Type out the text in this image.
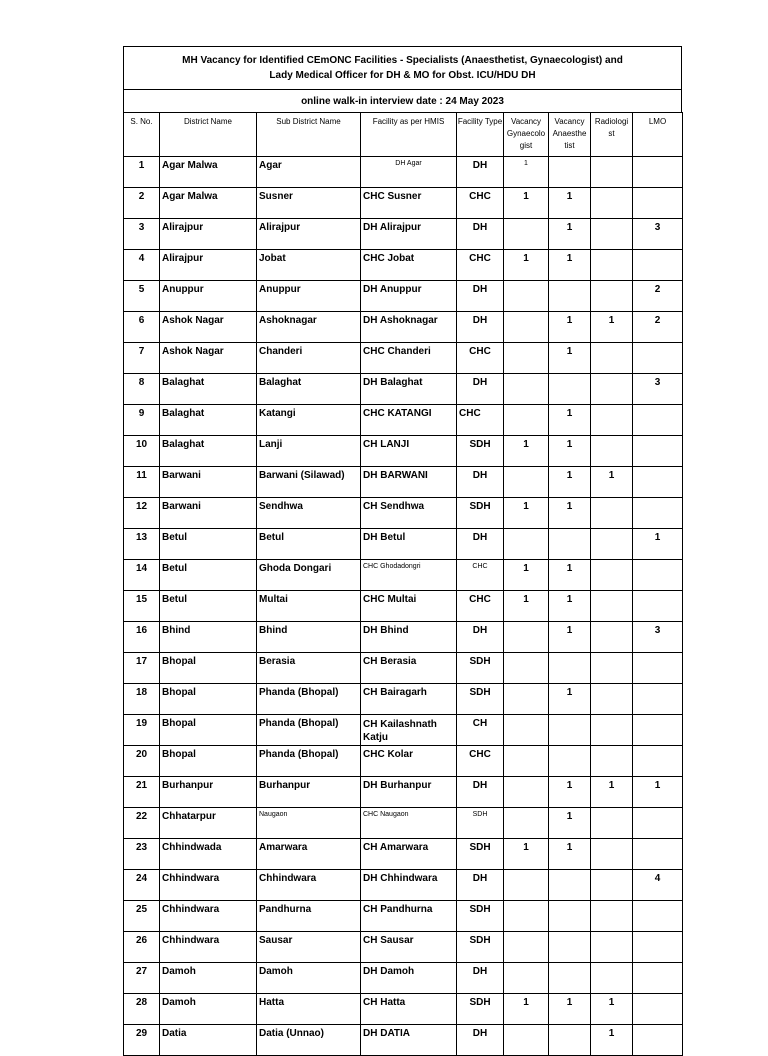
MH Vacancy for Identified CEmONC Facilities - Specialists (Anaesthetist, Gynaecologist) and
Lady Medical Officer for DH & MO for Obst. ICU/HDU DH
online walk-in interview date : 24 May 2023
S. No.	District Name	Sub District Name	Facility as per HMIS	Facility Type	Vacancy Gynaecolo gist	Vacancy Anaesthe tist	Radiologi st	LMO
1	Agar Malwa	Agar	DH Agar	DH	1			
2	Agar Malwa	Susner	CHC Susner	CHC	1	1		
3	Alirajpur	Alirajpur	DH Alirajpur	DH		1		3
4	Alirajpur	Jobat	CHC Jobat	CHC	1	1		
5	Anuppur	Anuppur	DH Anuppur	DH				2
6	Ashok Nagar	Ashoknagar	DH Ashoknagar	DH		1	1	2
7	Ashok Nagar	Chanderi	CHC Chanderi	CHC		1		
8	Balaghat	Balaghat	DH Balaghat	DH				3
9	Balaghat	Katangi	CHC KATANGI	CHC		1		
10	Balaghat	Lanji	CH LANJI	SDH	1	1		
11	Barwani	Barwani (Silawad)	DH BARWANI	DH		1	1	
12	Barwani	Sendhwa	CH Sendhwa	SDH	1	1		
13	Betul	Betul	DH Betul	DH				1
14	Betul	Ghoda Dongari	CHC Ghodadongri	CHC	1	1		
15	Betul	Multai	CHC Multai	CHC	1	1		
16	Bhind	Bhind	DH Bhind	DH		1		3
17	Bhopal	Berasia	CH Berasia	SDH				
18	Bhopal	Phanda (Bhopal)	CH Bairagarh	SDH		1		
19	Bhopal	Phanda (Bhopal)	CH Kailashnath Katju	CH				
20	Bhopal	Phanda (Bhopal)	CHC Kolar	CHC				
21	Burhanpur	Burhanpur	DH Burhanpur	DH		1	1	1
22	Chhatarpur	Naugaon	CHC Naugaon	SDH		1		
23	Chhindwada	Amarwara	CH Amarwara	SDH	1	1		
24	Chhindwara	Chhindwara	DH Chhindwara	DH				4
25	Chhindwara	Pandhurna	CH Pandhurna	SDH				
26	Chhindwara	Sausar	CH Sausar	SDH				
27	Damoh	Damoh	DH Damoh	DH				
28	Damoh	Hatta	CH Hatta	SDH	1	1	1	
29	Datia	Datia (Unnao)	DH DATIA	DH			1	
